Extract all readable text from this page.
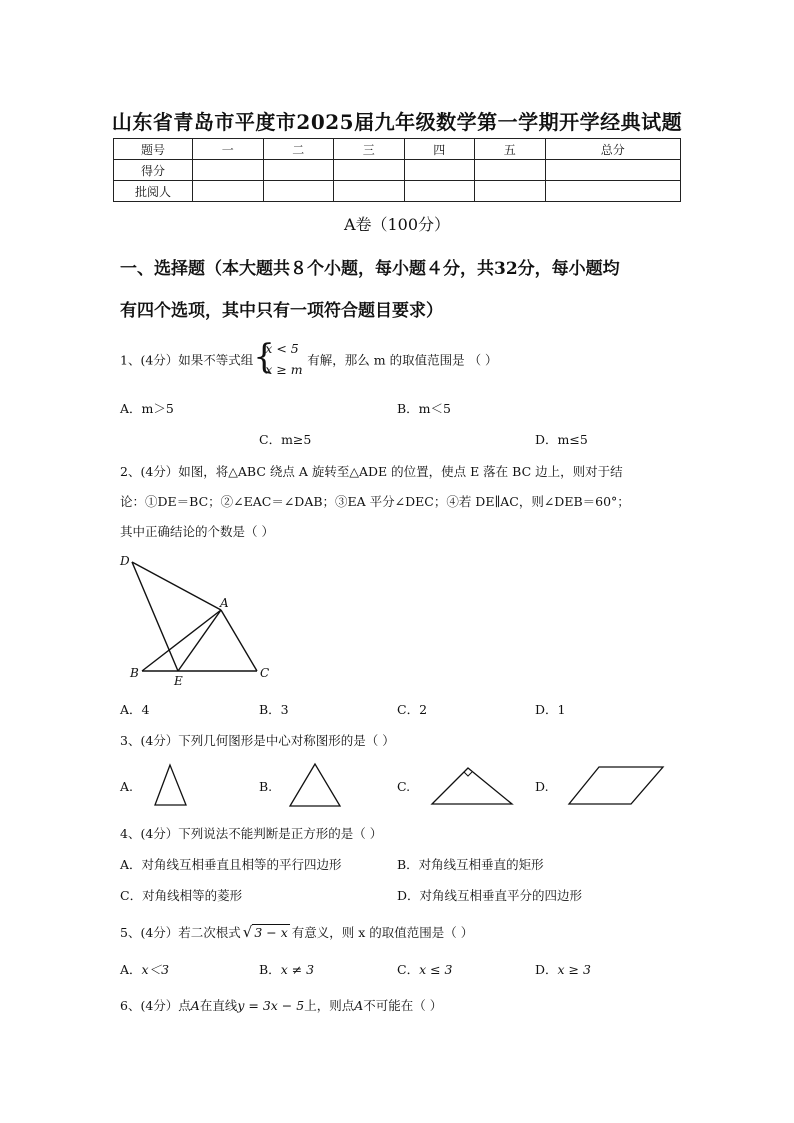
山东省青岛市平度市2025届九年级数学第一学期开学经典试题
题号	一	二	三	四	五	总分
得分						
批阅人						
A卷（100分）
一、选择题（本大题共８个小题，每小题４分，共32分，每小题均
有四个选项，其中只有一项符合题目要求）
1、(4分）如果不等式组 {
x < 5
x ≥ m
有解，那么 m 的取值范围是 （ ）
A．m＞5	B．m＜5
C．m≥5	D．m≤5
2、(4分）如图，将△ABC 绕点 A 旋转至△ADE 的位置，使点 E 落在 BC 边上，则对于结
论：①DE＝BC；②∠EAC＝∠DAB；③EA 平分∠DEC；④若 DE∥AC，则∠DEB＝60°；
其中正确结论的个数是（ ）
D
A
B
E
C
A．4	B．3	C．2	D．1
3、(4分）下列几何图形是中心对称图形的是（ ）
A.	B.	C.	D.
4、(4分）下列说法不能判断是正方形的是（ ）
A．对角线互相垂直且相等的平行四边形	B．对角线互相垂直的矩形
C．对角线相等的菱形	D．对角线互相垂直平分的四边形
5、(4分）若二次根式 √ 3 − x 有意义，则 x 的取值范围是（ ）
A．x＜3	B．x ≠ 3	C．x ≤ 3	D．x ≥ 3
6、(4分）点A在直线y = 3x − 5上，则点A不可能在（ ）
